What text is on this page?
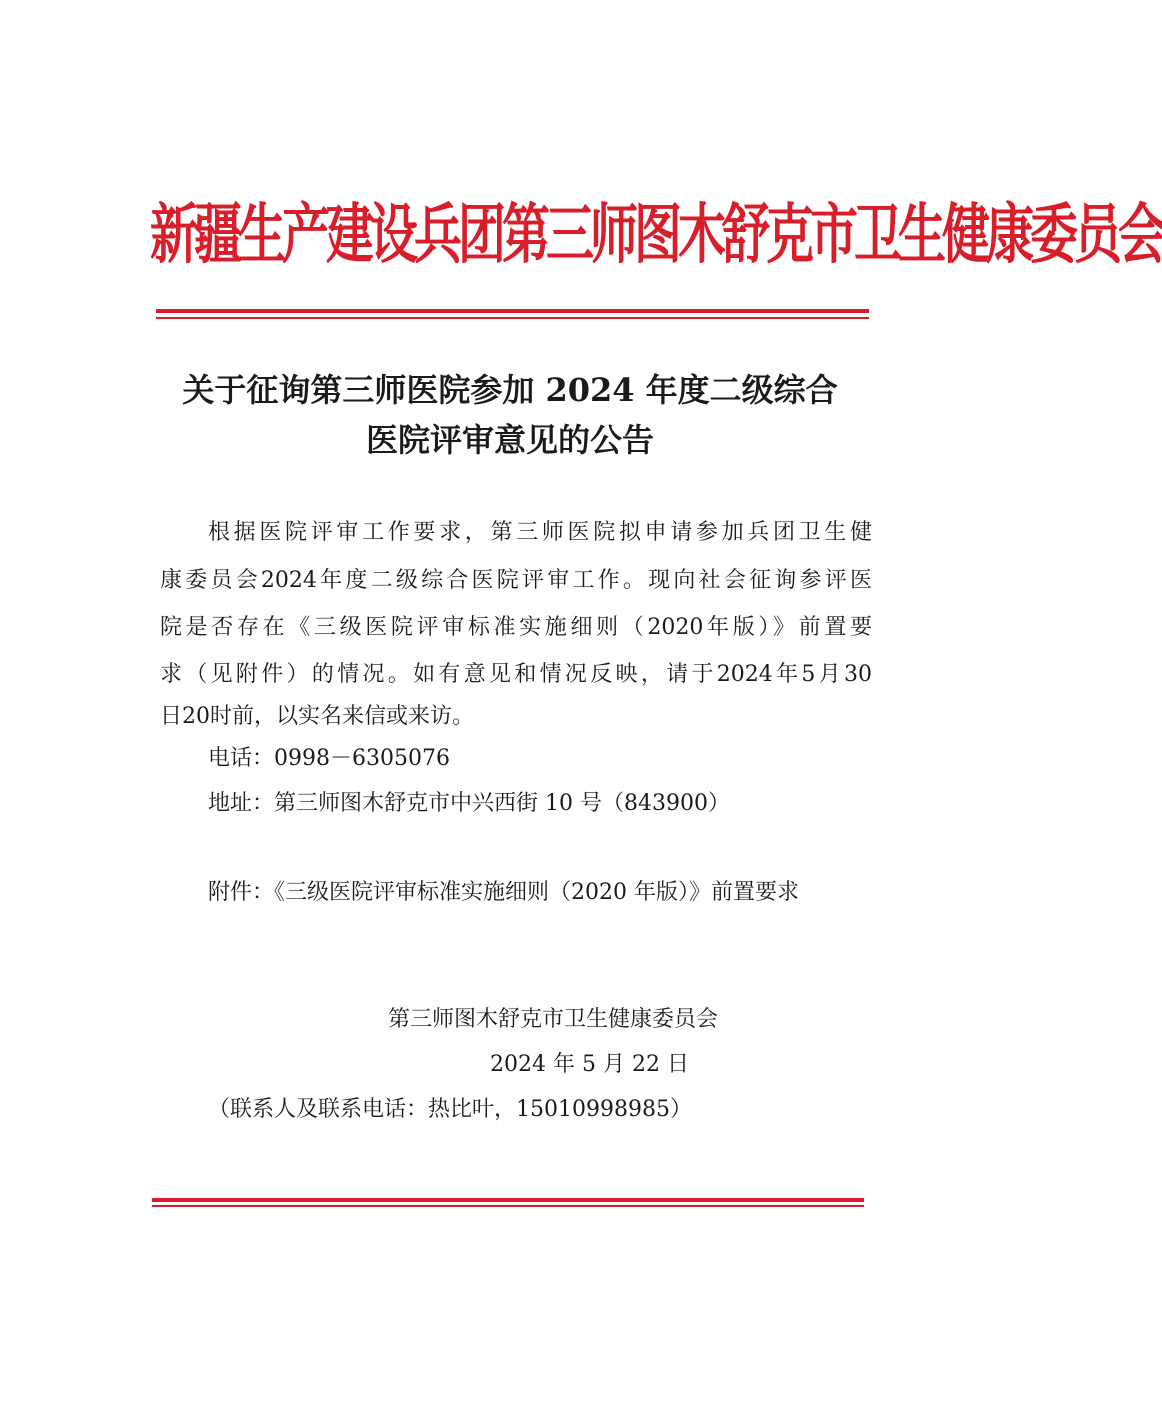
新疆生产建设兵团第三师图木舒克市卫生健康委员会
关于征询第三师医院参加 2024 年度二级综合
医院评审意见的公告
根据医院评审工作要求，第三师医院拟申请参加兵团卫生健
康委员会2024年度二级综合医院评审工作。现向社会征询参评医
院是否存在《三级医院评审标准实施细则（2020年版）》前置要
求（见附件）的情况。如有意见和情况反映，请于2024年5月30
日20时前，以实名来信或来访。
电话：0998－6305076
地址：第三师图木舒克市中兴西街 10 号（843900）
附件：《三级医院评审标准实施细则（2020 年版）》前置要求
第三师图木舒克市卫生健康委员会
2024 年 5 月 22 日
（联系人及联系电话：热比叶，15010998985）
